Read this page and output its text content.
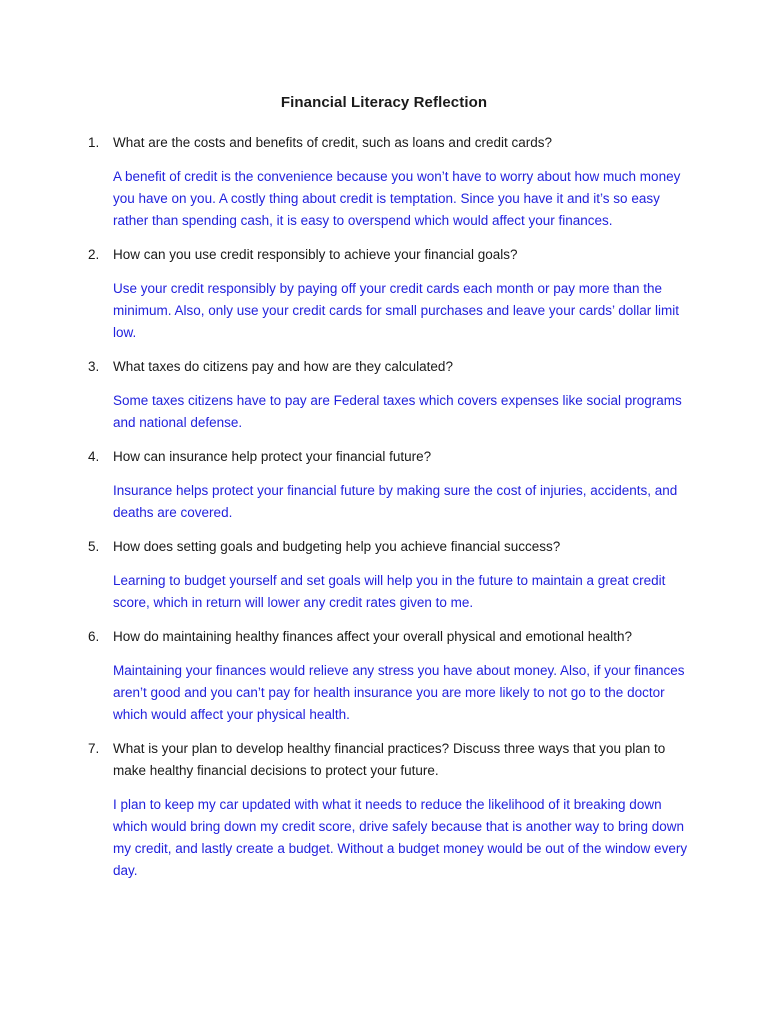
Financial Literacy Reflection
1.	What are the costs and benefits of credit, such as loans and credit cards?
A benefit of credit is the convenience because you won’t have to worry about how much money you have on you. A costly thing about credit is temptation. Since you have it and it’s so easy rather than spending cash, it is easy to overspend which would affect your finances.
2.	How can you use credit responsibly to achieve your financial goals?
Use your credit responsibly by paying off your credit cards each month or pay more than the minimum. Also, only use your credit cards for small purchases and leave your cards’ dollar limit low.
3.	What taxes do citizens pay and how are they calculated?
Some taxes citizens have to pay are Federal taxes which covers expenses like social programs and national defense.
4.	How can insurance help protect your financial future?
Insurance helps protect your financial future by making sure the cost of injuries, accidents, and deaths are covered.
5.	How does setting goals and budgeting help you achieve financial success?
Learning to budget yourself and set goals will help you in the future to maintain a great credit score, which in return will lower any credit rates given to me.
6.	How do maintaining healthy finances affect your overall physical and emotional health?
Maintaining your finances would relieve any stress you have about money. Also, if your finances aren’t good and you can’t pay for health insurance you are more likely to not go to the doctor which would affect your physical health.
7.	What is your plan to develop healthy financial practices? Discuss three ways that you plan to make healthy financial decisions to protect your future.
I plan to keep my car updated with what it needs to reduce the likelihood of it breaking down which would bring down my credit score, drive safely because that is another way to bring down my credit, and lastly create a budget. Without a budget money would be out of the window every day.
